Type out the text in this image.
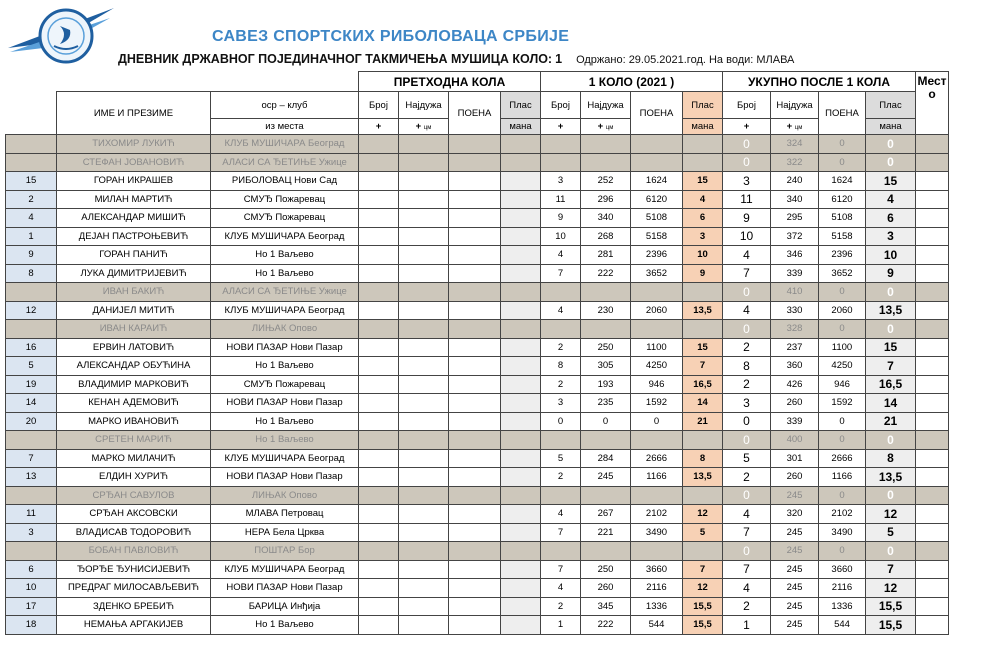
САВЕЗ СПОРТСКИХ РИБОЛОВАЦА СРБИЈЕ
ДНЕВНИК ДРЖАВНОГ ПОЈЕДИНАЧНОГ ТАКМИЧЕЊА МУШИЦА КОЛО: 1 Одржано: 29.05.2021.год. На води: МЛАВА
			ПРЕТХОДНА КОЛА				1 КОЛО (2021 )				УКУПНО ПОСЛЕ 1 КОЛА				Мест о
	ИМЕ И ПРЕЗИМЕ	оср – клуб	Број	Најдужа	ПОЕНА	Плас	Број	Најдужа	ПОЕНА	Плас	Број	Најдужа	ПОЕНА	Плас	
		из места	+	+ цм		мана	+	+ цм		мана	+	+ цм		мана	
	ТИХОМИР ЛУКИЋ	КЛУБ МУШИЧАРА Београд									0	324	0	0	
	СТЕФАН ЈОВАНОВИЋ	АЛАСИ СА ЂЕТИЊЕ Ужице									0	322	0	0	
15	ГОРАН ИКРАШЕВ	РИБОЛОВАЦ Нови Сад					3	252	1624	15	3	240	1624	15	
2	МИЛАН МАРТИЋ	СМУЂ Пожаревац					11	296	6120	4	11	340	6120	4	
4	АЛЕКСАНДАР МИШИЋ	СМУЂ Пожаревац					9	340	5108	6	9	295	5108	6	
1	ДЕЈАН ПАСТРОЊЕВИЋ	КЛУБ МУШИЧАРА Београд					10	268	5158	3	10	372	5158	3	
9	ГОРАН ПАНИЋ	Но 1 Ваљево					4	281	2396	10	4	346	2396	10	
8	ЛУКА ДИМИТРИЈЕВИЋ	Но 1 Ваљево					7	222	3652	9	7	339	3652	9	
	ИВАН БАКИЋ	АЛАСИ СА ЂЕТИЊЕ Ужице									0	410	0	0	
12	ДАНИЈЕЛ МИТИЋ	КЛУБ МУШИЧАРА Београд					4	230	2060	13,5	4	330	2060	13,5	
	ИВАН КАРАИЋ	ЛИЊАК Опово									0	328	0	0	
16	ЕРВИН ЛАТОВИЋ	НОВИ ПАЗАР Нови Пазар					2	250	1100	15	2	237	1100	15	
5	АЛЕКСАНДАР ОБУЋИНА	Но 1 Ваљево					8	305	4250	7	8	360	4250	7	
19	ВЛАДИМИР МАРКОВИЋ	СМУЂ Пожаревац					2	193	946	16,5	2	426	946	16,5	
14	КЕНАН АДЕМОВИЋ	НОВИ ПАЗАР Нови Пазар					3	235	1592	14	3	260	1592	14	
20	МАРКО ИВАНОВИЋ	Но 1 Ваљево					0	0	0	21	0	339	0	21	
	СРЕТЕН МАРИЋ	Но 1 Ваљево									0	400	0	0	
7	МАРКО МИЛАЧИЋ	КЛУБ МУШИЧАРА Београд					5	284	2666	8	5	301	2666	8	
13	ЕЛДИН ХУРИЋ	НОВИ ПАЗАР Нови Пазар					2	245	1166	13,5	2	260	1166	13,5	
	СРЂАН САВУЛОВ	ЛИЊАК Опово									0	245	0	0	
11	СРЂАН АКСОВСКИ	МЛАВА Петровац					4	267	2102	12	4	320	2102	12	
3	ВЛАДИСАВ ТОДОРОВИЋ	НЕРА Бела Црква					7	221	3490	5	7	245	3490	5	
	БОБАН ПАВЛОВИЋ	ПОШТАР Бор									0	245	0	0	
6	ЂОРЂЕ ЂУНИСИЈЕВИЋ	КЛУБ МУШИЧАРА Београд					7	250	3660	7	7	245	3660	7	
10	ПРЕДРАГ МИЛОСАВЉЕВИЋ	НОВИ ПАЗАР Нови Пазар					4	260	2116	12	4	245	2116	12	
17	ЗДЕНКО БРЕБИЋ	БАРИЦА Инђија					2	345	1336	15,5	2	245	1336	15,5	
18	НЕМАЊА АРГАКИЈЕВ	Но 1 Ваљево					1	222	544	15,5	1	245	544	15,5	
